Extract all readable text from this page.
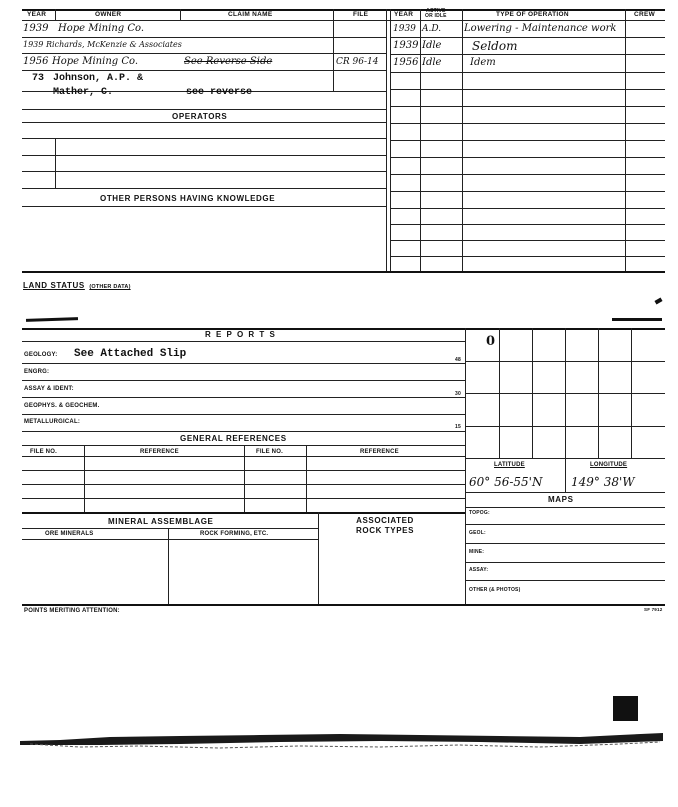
YEAR	OWNER	CLAIM NAME	FILE	YEAR	ACTIVE
OR IDLE	TYPE OF OPERATION	CREW
1939 Hope Mining Co.
1939 Richards, McKenzie & Associates
1956 Hope Mining Co.	See Reverse Side	CR 96-14
73 Johnson, A.P. &
Mather, C.	see reverse
1939 A.D. Lowering - Maintenance work
1939 Idle	Seldom
1956 Idle	Idem
OPERATORS
OTHER PERSONS HAVING KNOWLEDGE
LAND STATUS (OTHER DATA)
R E P O R T S
GEOLOGY: See Attached Slip	48
ENGRG:
ASSAY & IDENT:
30
GEOPHYS. & GEOCHEM.
METALLURGICAL:
15
GENERAL REFERENCES
FILE NO.	REFERENCE	FILE NO.	REFERENCE
MINERAL ASSEMBLAGE
ORE MINERALS	ROCK FORMING, ETC.
ASSOCIATED
ROCK TYPES
0
LATITUDE	LONGITUDE
60° 56-55'N 149° 38'W
MAPS
TOPOG:
GEOL:
MINE:
ASSAY:
OTHER (& PHOTOS)
POINTS MERITING ATTENTION:	SF 7912
